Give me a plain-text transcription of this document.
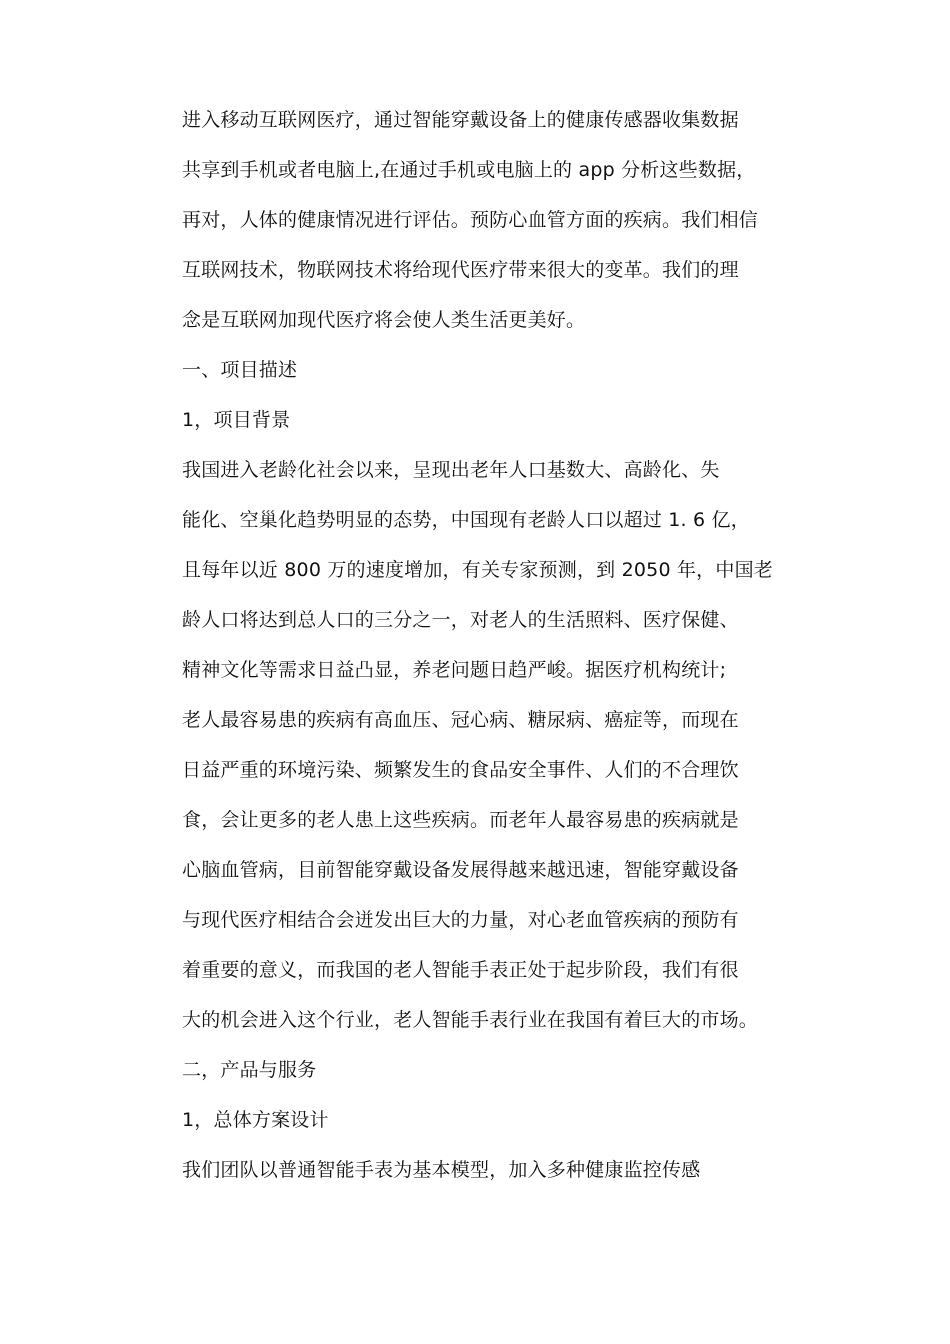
进入移动互联网医疗，通过智能穿戴设备上的健康传感器收集数据
共享到手机或者电脑上,在通过手机或电脑上的 app 分析这些数据，
再对，人体的健康情况进行评估。预防心血管方面的疾病。我们相信
互联网技术，物联网技术将给现代医疗带来很大的变革。我们的理
念是互联网加现代医疗将会使人类生活更美好。
一、项目描述
1，项目背景
我国进入老龄化社会以来，呈现出老年人口基数大、高龄化、失
能化、空巢化趋势明显的态势，中国现有老龄人口以超过 1. 6 亿，
且每年以近 800 万的速度增加，有关专家预测，到 2050 年，中国老
龄人口将达到总人口的三分之一，对老人的生活照料、医疗保健、
精神文化等需求日益凸显，养老问题日趋严峻。据医疗机构统计;
老人最容易患的疾病有高血压、冠心病、糖尿病、癌症等，而现在
日益严重的环境污染、频繁发生的食品安全事件、人们的不合理饮
食，会让更多的老人患上这些疾病。而老年人最容易患的疾病就是
心脑血管病，目前智能穿戴设备发展得越来越迅速，智能穿戴设备
与现代医疗相结合会迸发出巨大的力量，对心老血管疾病的预防有
着重要的意义，而我国的老人智能手表正处于起步阶段，我们有很
大的机会进入这个行业，老人智能手表行业在我国有着巨大的市场。
二，产品与服务
1，总体方案设计
我们团队以普通智能手表为基本模型，加入多种健康监控传感
